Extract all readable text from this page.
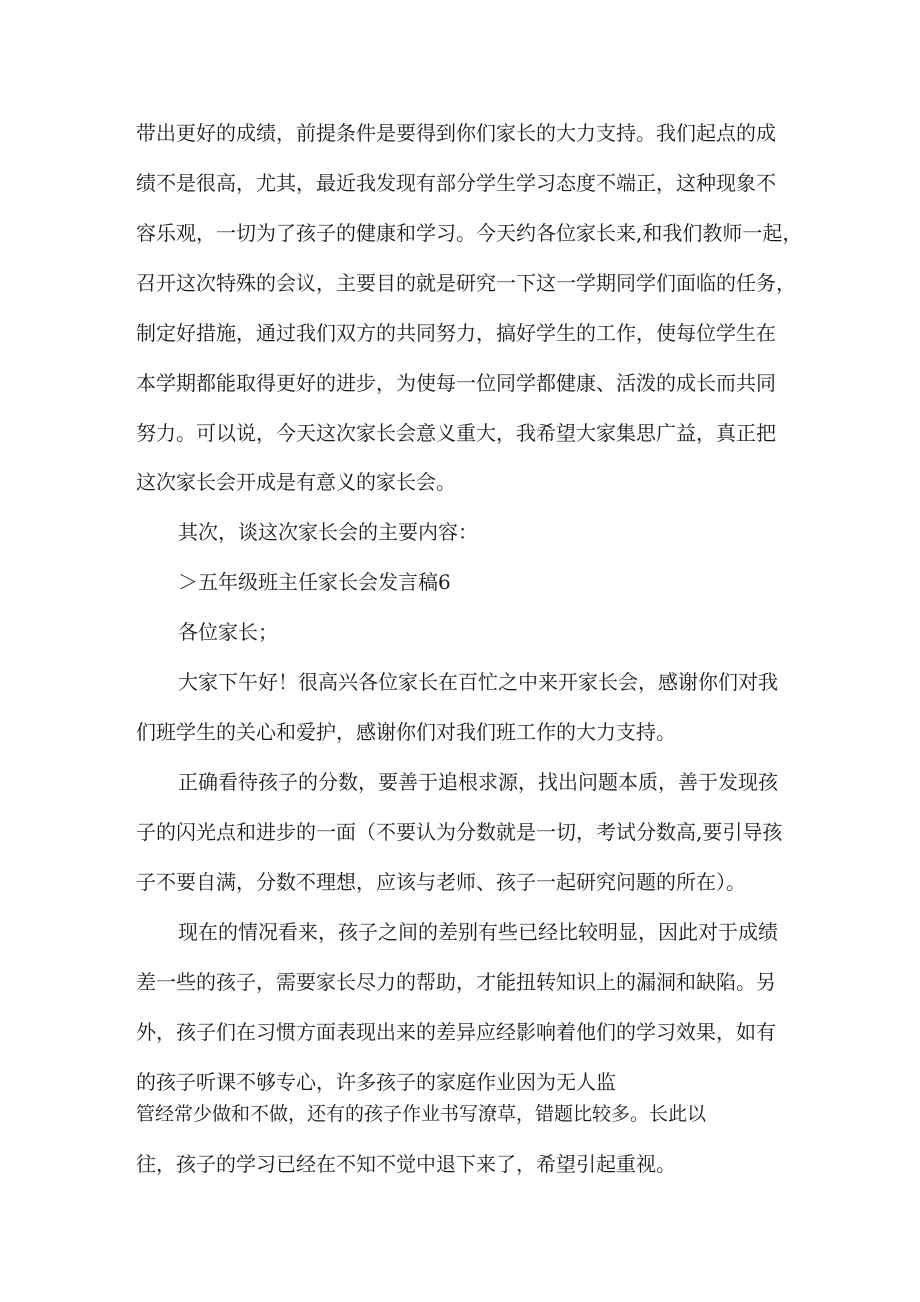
带出更好的成绩，前提条件是要得到你们家长的大力支持。我们起点的成
绩不是很高，尤其，最近我发现有部分学生学习态度不端正，这种现象不
容乐观，一切为了孩子的健康和学习。今天约各位家长来,和我们教师一起，
召开这次特殊的会议，主要目的就是研究一下这一学期同学们面临的任务，
制定好措施，通过我们双方的共同努力，搞好学生的工作，使每位学生在
本学期都能取得更好的进步，为使每一位同学都健康、活泼的成长而共同
努力。可以说，今天这次家长会意义重大，我希望大家集思广益，真正把
这次家长会开成是有意义的家长会。
其次，谈这次家长会的主要内容：
＞五年级班主任家长会发言稿6
各位家长；
大家下午好！很高兴各位家长在百忙之中来开家长会，感谢你们对我
们班学生的关心和爱护，感谢你们对我们班工作的大力支持。
正确看待孩子的分数，要善于追根求源，找出问题本质，善于发现孩
子的闪光点和进步的一面（不要认为分数就是一切，考试分数高,要引导孩
子不要自满，分数不理想，应该与老师、孩子一起研究问题的所在）。
现在的情况看来，孩子之间的差别有些已经比较明显，因此对于成绩
差一些的孩子，需要家长尽力的帮助，才能扭转知识上的漏洞和缺陷。另
外，孩子们在习惯方面表现出来的差异应经影响着他们的学习效果，如有
的孩子听课不够专心，许多孩子的家庭作业因为无人监
管经常少做和不做，还有的孩子作业书写潦草，错题比较多。长此以
往，孩子的学习已经在不知不觉中退下来了，希望引起重视。
